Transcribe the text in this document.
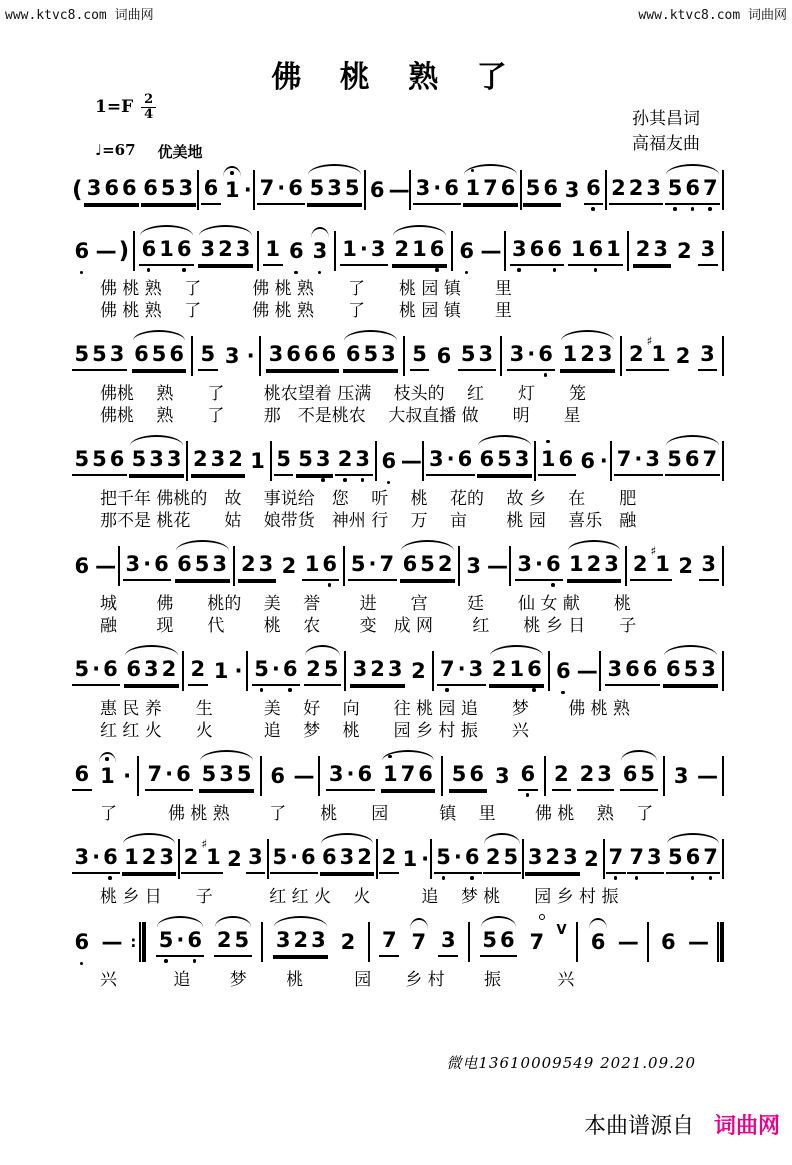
www.ktvc8.com 词曲网	www.ktvc8.com 词曲网
佛 桃 熟 了
$1=F \frac{2}{4}$
♩=67 优美地
孙其昌词
高福友曲
( 3 6 6 6 5 3 6 1 · 7 · 6 5 3 5 6 — 3 · 6 1 7 6 5 6 3 6 2 2 3 5 6 7
6 — ) 6 1 6 3 2 3 1 6 3 1 · 3 2 1 6 6 — 3 6 6 1 6 1 2 3 2 3
佛 桃 熟　 了　　　佛 桃 熟　　了　　桃 园 镇　　里
佛 桃 熟　 了　　　佛 桃 熟　　了　　桃 园 镇　　里
5 5 3 6 5 6 5 3 · 3 6 6 6 6 5 3 5 6 5 3 3 · 6 1 2 3 2♯1 2 3
佛桃　 熟　　了　　 桃农望着 压满　 枝头的　 红　　灯　　笼
佛桃　 熟　　了　　 那　不是桃农　 大叔直播 做　　明　　星
5 5 6 5 3 3 2 3 2 1 5 5 3 2 3 6 — 3 · 6 6 5 3 1 6 6 · 7 · 3 5 6 7
把千年 佛桃的　故　 事说给　您　 听　 桃　 花的　 故 乡　 在　　肥
那不是 桃花　　姑　 娘带货　神州 行　 万　 亩　　 桃 园　 喜乐　融
6 — 3 · 6 6 5 3 2 3 2 1 6 5 · 7 6 5 2 3 — 3 · 6 1 2 3 2♯1 2 3
城　　 佛　　桃的　 美　 誉　　 进　　宫　　 廷　　仙 女 献　　桃
融　　 现　　代　　 桃　 农　　 变　成 网　　 红　　桃 乡 日　　子
5 · 6 6 3 2 2 1 · 5 · 6 2 5 3 2 3 2 7 · 3 2 1 6 6 — 3 6 6 6 5 3
惠 民 养　　生　　　美　 好　 向　　往 桃 园 追　　梦　　 佛 桃 熟
红 红 火　　火　　　追　 梦　 桃　　园 乡 村 振　　兴
6 1 · 7 · 6 5 3 5 6 — 3 · 6 1 7 6 5 6 3 6 2 2 3 6 5 3 —
了　　　佛 桃 熟　　 了　　桃　　园　　　镇　 里　　 佛 桃　 熟　 了
3 · 6 1 2 3 2♯1 2 3 5 · 6 6 3 2 2 1 · 5 · 6 2 5 3 2 3 2 7 7 3 5 6 7
桃 乡 日　　子　　　 红 红 火　 火　　　追　 梦 桃　　园 乡 村 振
6 — : 5 · 6 2 5 3 2 3 2 7 7 3 5 6 7 V 6 — 6 —
兴　　　 追　　 梦　　 桃　　　园　　乡 村　　 振　　　 兴
微电13610009549 2021.09.20

本曲谱源自 词曲网
